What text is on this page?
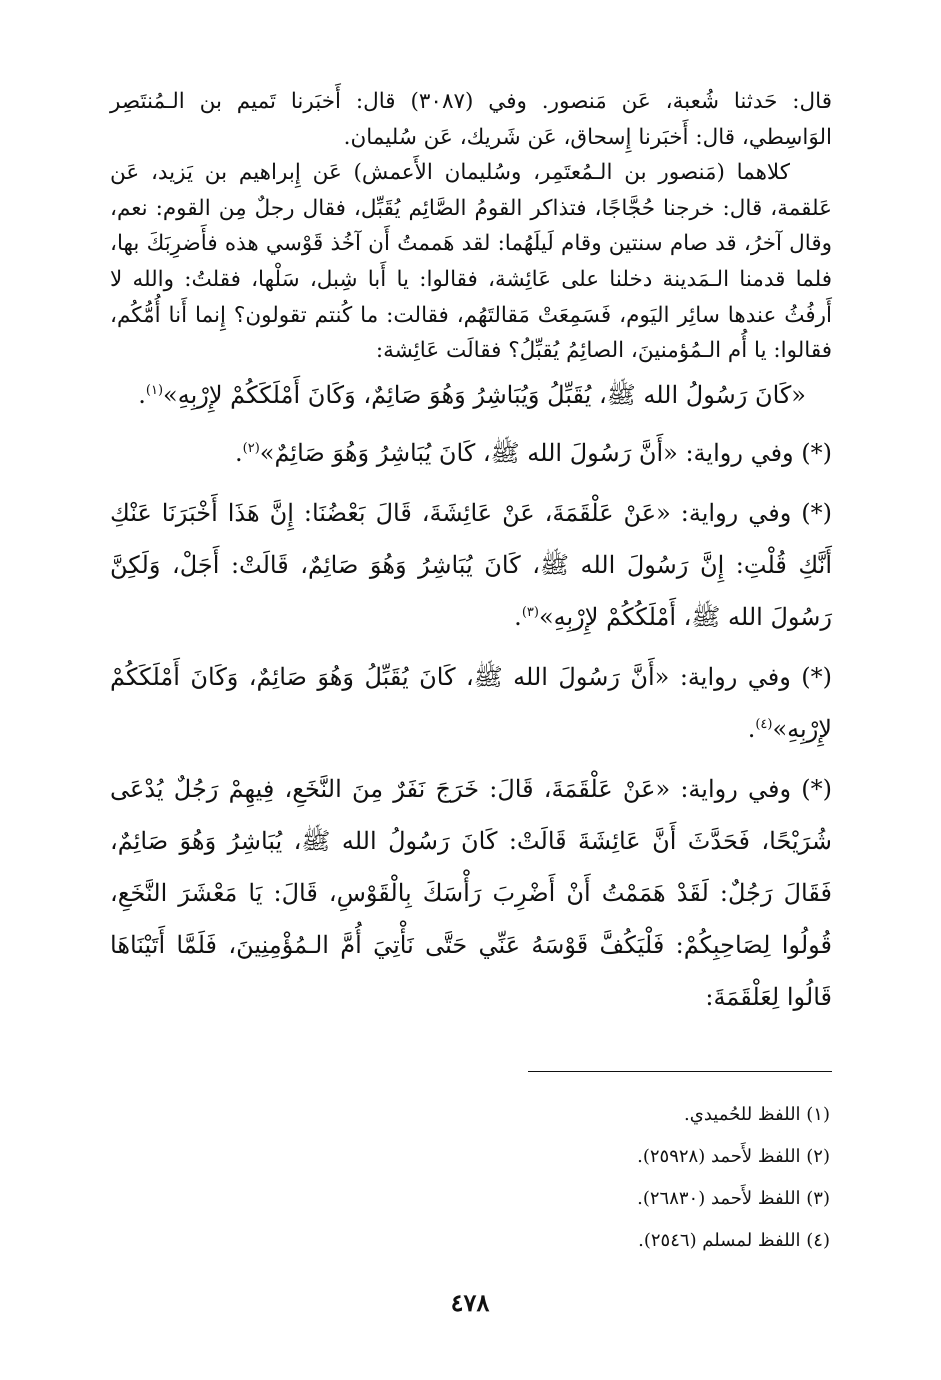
قال: حَدثنا شُعبة، عَن مَنصور. وفي (٣٠٨٧) قال: أَخبَرنا تَميم بن الـمُنتَصِر الوَاسِطي، قال: أَخبَرنا إِسحاق، عَن شَريك، عَن سُليمان.

كلاهما (مَنصور بن الـمُعتَمِر، وسُليمان الأَعمش) عَن إِبراهيم بن يَزيد، عَن عَلقمة، قال: خرجنا حُجَّاجًا، فتذاكر القومُ الصَّائِم يُقَبِّل، فقال رجلٌ مِن القوم: نعم، وقال آخرُ، قد صام سنتين وقام لَيلَهُما: لقد هَممتُ أَن آخُذ قَوْسي هذه فأَضرِبَكَ بها، فلما قدمنا الـمَدينة دخلنا على عَائِشة، فقالوا: يا أَبا شِبل، سَلْها، فقلتُ: والله لا أَرفُثُ عندها سائِر اليَوم، فَسَمِعَتْ مَقالتَهُم، فقالت: ما كُنتم تقولون؟ إِنما أَنا أُمُّكُم، فقالوا: يا أُم الـمُؤمنينَ، الصائِمُ يُقبِّلُ؟ فقالَت عَائِشة:

«كَانَ رَسُولُ الله ﷺ، يُقَبِّلُ وَيُبَاشِرُ وَهُوَ صَائِمٌ، وَكَانَ أَمْلَكَكُمْ لإِرْبِهِ»$^{(١)}$.

(*) وفي رواية: «أَنَّ رَسُولَ الله ﷺ، كَانَ يُبَاشِرُ وَهُوَ صَائِمٌ»$^{(٢)}$.

(*) وفي رواية: «عَنْ عَلْقَمَةَ، عَنْ عَائِشَةَ، قَالَ بَعْضُنَا: إِنَّ هَذَا أَخْبَرَنَا عَنْكِ أَنَّكِ قُلْتِ: إِنَّ رَسُولَ الله ﷺ، كَانَ يُبَاشِرُ وَهُوَ صَائِمٌ، قَالَتْ: أَجَلْ، وَلَكِنَّ رَسُولَ الله ﷺ، أَمْلَكُكُمْ لإِرْبِهِ»$^{(٣)}$.

(*) وفي رواية: «أَنَّ رَسُولَ الله ﷺ، كَانَ يُقَبِّلُ وَهُوَ صَائِمٌ، وَكَانَ أَمْلَكَكُمْ لإِرْبِهِ»$^{(٤)}$.

(*) وفي رواية: «عَنْ عَلْقَمَةَ، قَالَ: خَرَجَ نَفَرٌ مِنَ النَّخَعِ، فِيهِمْ رَجُلٌ يُدْعَى شُرَيْحًا، فَحَدَّثَ أَنَّ عَائِشَةَ قَالَتْ: كَانَ رَسُولُ الله ﷺ، يُبَاشِرُ وَهُوَ صَائِمٌ، فَقَالَ رَجُلٌ: لَقَدْ هَمَمْتُ أَنْ أَضْرِبَ رَأْسَكَ بِالْقَوْسِ، قَالَ: يَا مَعْشَرَ النَّخَعِ، قُولُوا لِصَاحِبِكُمْ: فَلْيَكُفَّ قَوْسَهُ عَنِّي حَتَّى نَأْتِيَ أُمَّ الـمُؤْمِنِينَ، فَلَمَّا أَتَيْنَاهَا قَالُوا لِعَلْقَمَةَ:

(١) اللفظ للحُميدي.

(٢) اللفظ لأَحمد (٢٥٩٢٨).

(٣) اللفظ لأَحمد (٢٦٨٣٠).

(٤) اللفظ لمسلم (٢٥٤٦).

٤٧٨
